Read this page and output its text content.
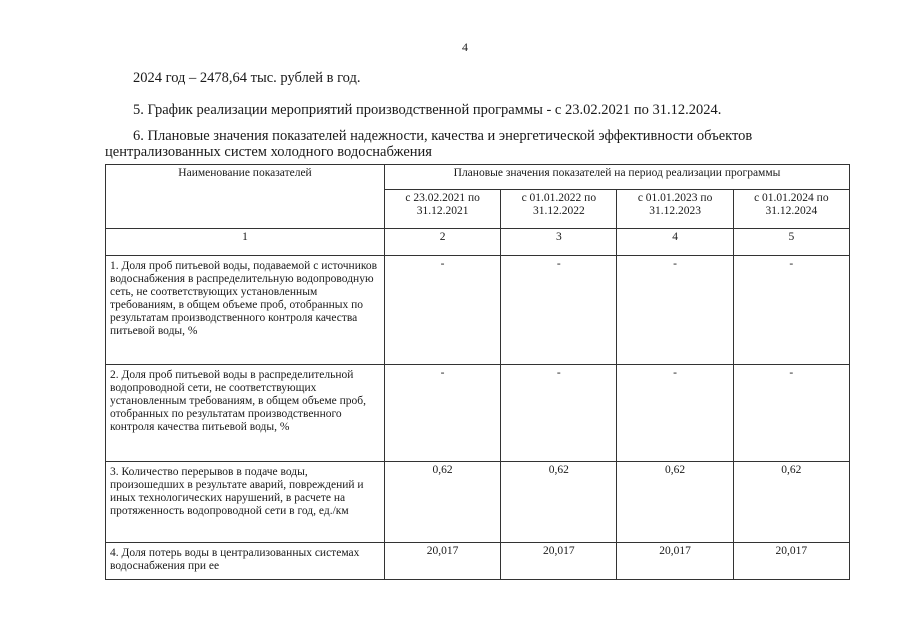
4
2024 год – 2478,64 тыс. рублей в год.
5. График реализации мероприятий производственной программы - с 23.02.2021 по 31.12.2024.
6. Плановые значения показателей надежности, качества и энергетической эффективности объектов
централизованных систем холодного водоснабжения
Наименование показателей	Плановые значения показателей на период реализации программы			
	с 23.02.2021 по 31.12.2021	с 01.01.2022 по 31.12.2022	с 01.01.2023 по 31.12.2023	с 01.01.2024 по 31.12.2024
1	2	3	4	5
1. Доля проб питьевой воды, подаваемой с источников водоснабжения в распределительную водопроводную сеть, не соответствующих установленным требованиям, в общем объеме проб, отобранных по результатам производственного контроля качества питьевой воды, %	-	-	-	-
2. Доля проб питьевой воды в распределительной водопроводной сети, не соответствующих установленным требованиям, в общем объеме проб, отобранных по результатам производственного контроля качества питьевой воды, %	-	-	-	-
3. Количество перерывов в подаче воды, произошедших в результате аварий, повреждений и иных технологических нарушений, в расчете на протяженность водопроводной сети в год, ед./км	0,62	0,62	0,62	0,62
4. Доля потерь воды в централизованных системах водоснабжения при ее	20,017	20,017	20,017	20,017
